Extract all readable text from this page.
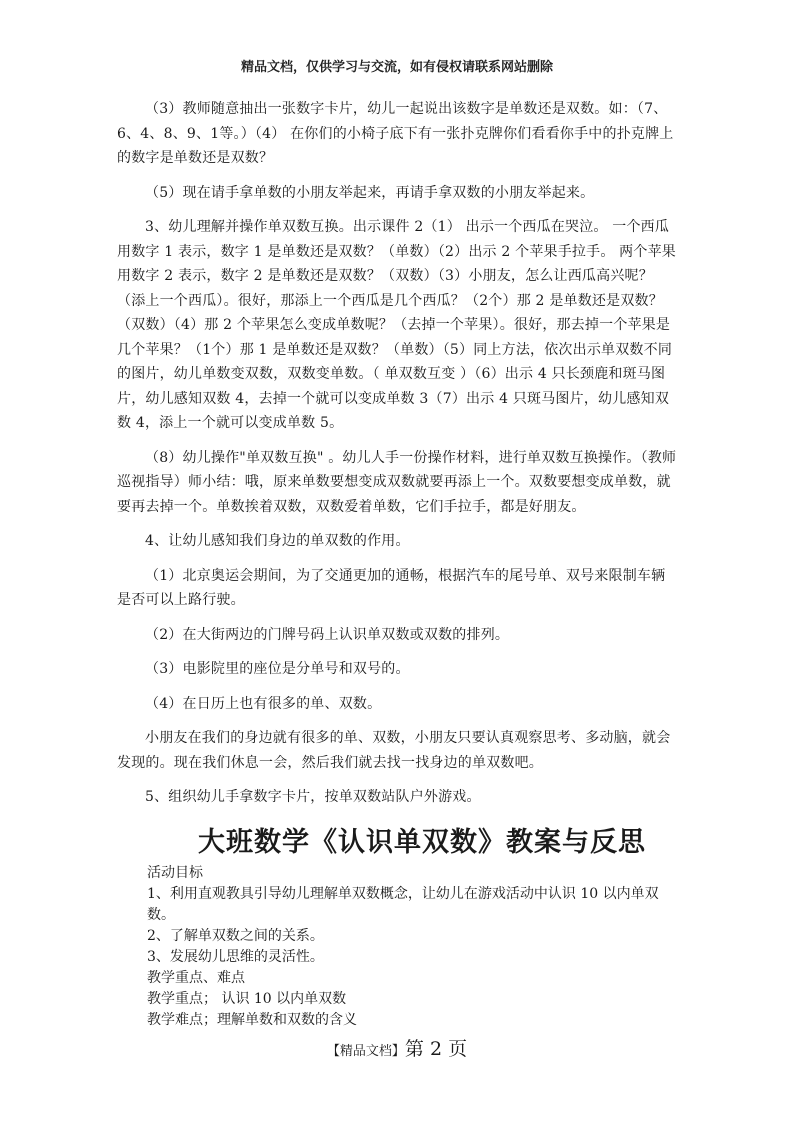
精品文档，仅供学习与交流，如有侵权请联系网站删除

（3）教师随意抽出一张数字卡片，幼儿一起说出该数字是单数还是双数。如：（7、6、4、8、9、1等。）（4） 在你们的小椅子底下有一张扑克牌你们看看你手中的扑克牌上的数字是单数还是双数？

（5）现在请手拿单数的小朋友举起来，再请手拿双数的小朋友举起来。

3、幼儿理解并操作单双数互换。出示课件 2（1） 出示一个西瓜在哭泣。 一个西瓜用数字 1 表示，数字 1 是单数还是双数？（单数）（2）出示 2 个苹果手拉手。 两个苹果用数字 2 表示，数字 2 是单数还是双数？（双数）（3）小朋友，怎么让西瓜高兴呢？（添上一个西瓜）。很好，那添上一个西瓜是几个西瓜？（2个）那 2 是单数还是双数？（双数）（4）那 2 个苹果怎么变成单数呢？（去掉一个苹果）。很好，那去掉一个苹果是几个苹果？（1个）那 1 是单数还是双数？（单数）（5）同上方法，依次出示单双数不同的图片，幼儿单数变双数，双数变单数。（ 单双数互变 ）（6）出示 4 只长颈鹿和斑马图片，幼儿感知双数 4，去掉一个就可以变成单数 3（7）出示 4 只斑马图片，幼儿感知双数 4，添上一个就可以变成单数 5。

（8）幼儿操作"单双数互换" 。幼儿人手一份操作材料，进行单双数互换操作。（教师巡视指导）师小结：哦，原来单数要想变成双数就要再添上一个。双数要想变成单数，就要再去掉一个。单数挨着双数，双数爱着单数，它们手拉手，都是好朋友。

4、让幼儿感知我们身边的单双数的作用。

（1）北京奥运会期间，为了交通更加的通畅，根据汽车的尾号单、双号来限制车辆是否可以上路行驶。

（2）在大街两边的门牌号码上认识单双数或双数的排列。

（3）电影院里的座位是分单号和双号的。

（4）在日历上也有很多的单、双数。

小朋友在我们的身边就有很多的单、双数，小朋友只要认真观察思考、多动脑，就会发现的。现在我们休息一会，然后我们就去找一找身边的单双数吧。

5、组织幼儿手拿数字卡片，按单双数站队户外游戏。

大班数学《认识单双数》教案与反思

活动目标

1、利用直观教具引导幼儿理解单双数概念，让幼儿在游戏活动中认识 10 以内单双数。

2、了解单双数之间的关系。

3、发展幼儿思维的灵活性。

教学重点、难点

教学重点； 认识 10 以内单双数

教学难点；理解单数和双数的含义

【精品文档】第 2 页
